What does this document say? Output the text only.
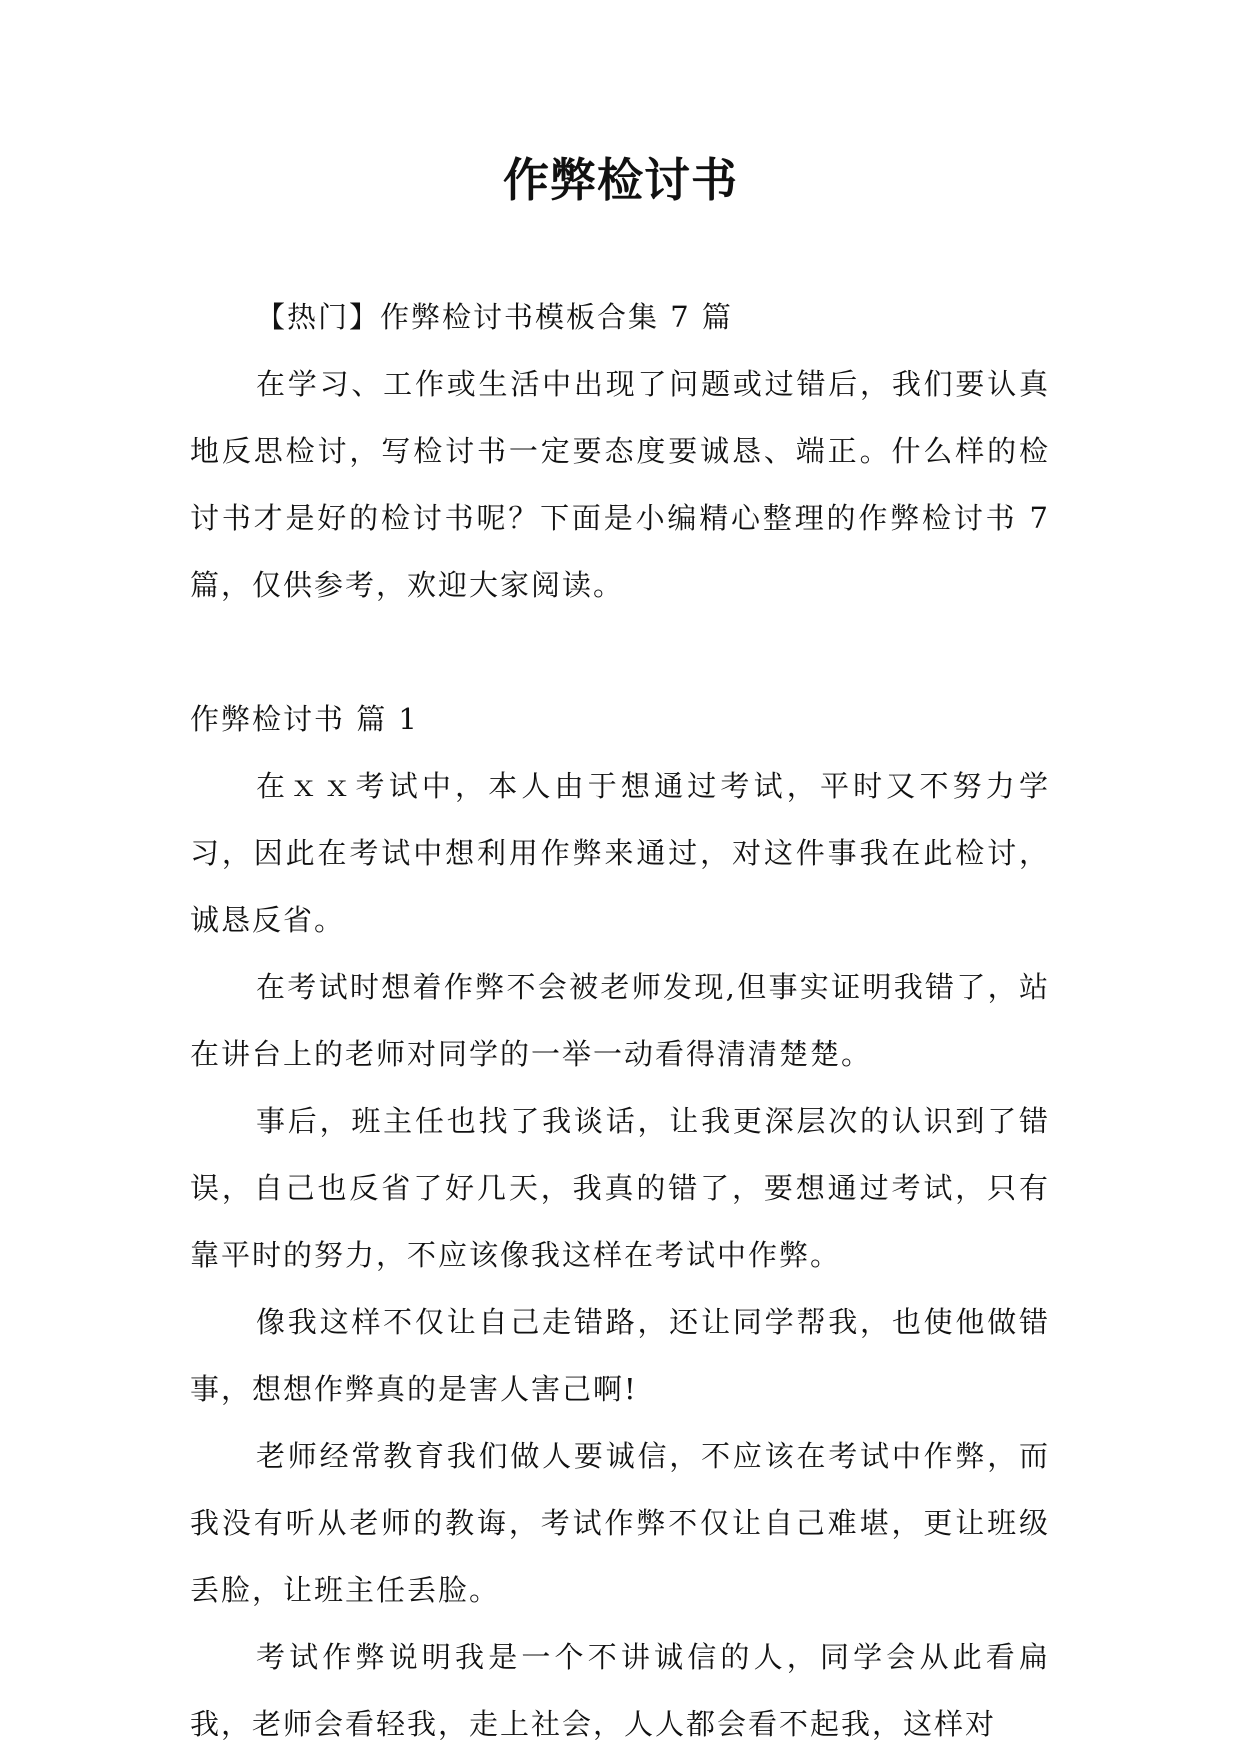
作弊检讨书

【热门】作弊检讨书模板合集 7 篇

在学习、工作或生活中出现了问题或过错后，我们要认真地反思检讨，写检讨书一定要态度要诚恳、端正。什么样的检讨书才是好的检讨书呢？下面是小编精心整理的作弊检讨书 7 篇，仅供参考，欢迎大家阅读。

作弊检讨书 篇 1

在ｘｘ考试中，本人由于想通过考试，平时又不努力学习，因此在考试中想利用作弊来通过，对这件事我在此检讨，诚恳反省。

在考试时想着作弊不会被老师发现,但事实证明我错了，站在讲台上的老师对同学的一举一动看得清清楚楚。

事后，班主任也找了我谈话，让我更深层次的认识到了错误，自己也反省了好几天，我真的错了，要想通过考试，只有靠平时的努力，不应该像我这样在考试中作弊。

像我这样不仅让自己走错路，还让同学帮我，也使他做错事，想想作弊真的是害人害己啊!

老师经常教育我们做人要诚信，不应该在考试中作弊，而我没有听从老师的教诲，考试作弊不仅让自己难堪，更让班级丢脸，让班主任丢脸。

考试作弊说明我是一个不讲诚信的人，同学会从此看扁我，老师会看轻我，走上社会，人人都会看不起我，这样对
